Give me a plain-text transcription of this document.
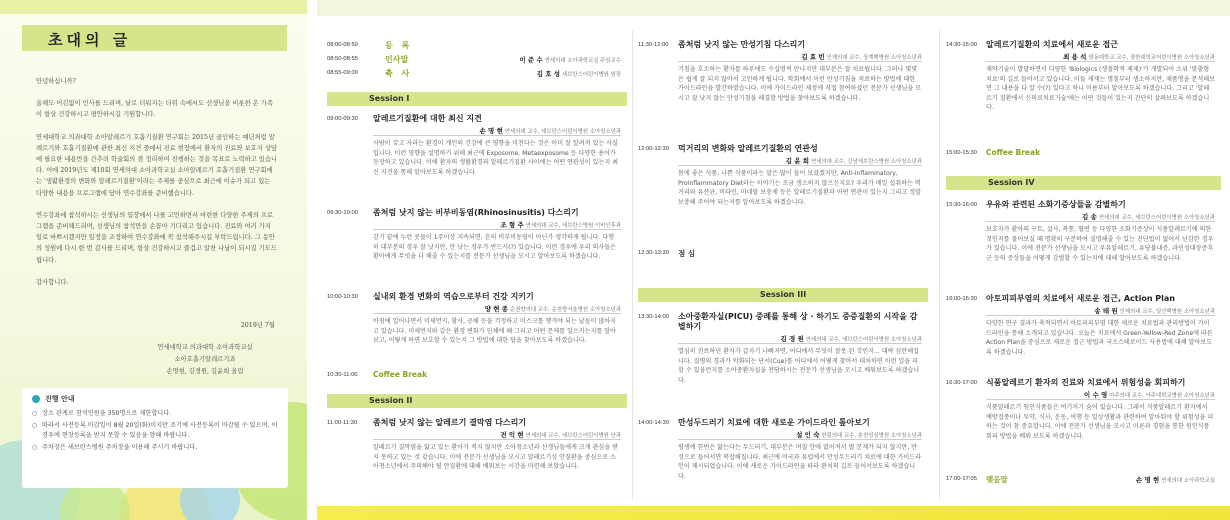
초대의 글

안녕하십니까?

올해도 어김없이 인사를 드리며, 날로 더워지는 더위 속에서도 선생님을 비롯한 온 가족이 항상 건강하시고 평안하시길 기원합니다.

연세대학교 의과대학 소아알레르기 호흡기질환 연구회는 2015년 골인하는 예년처럼 알레르기와 호흡기질환에 관한 최신 지견 중에서 진료 현장에서 환자의 진료와 보호자 상담에 필요한 내용만을 간추려 학술회의 겸 정리하여 진행하는 것을 목표로 노력하고 있습니다. 이에 2019년도 제10회 연세의대 소아과학교실 소아알레르기 호흡기질환 연구회에는 '생활환경의 변화와 알레르기질환'이라는 주제를 중심으로 최근에 이슈가 되고 있는 다양한 내용을 프로그램에 담아 연수강좌를 준비했습니다.

연수강좌에 참석하시는 선생님의 입장에서 나를 고민하면서 마련한 다양한 주제의 프로그램을 준비해드리며, 선생님의 참석만을 손꼽아 기다리고 있습니다. 진료와 여러 가지 일로 바쁘시겠지만 일정을 조정하여 연수강좌에 꼭 참석해주시길 부탁드립니다. 그 동안의 성원에 다시 한 번 감사를 드리며, 항상 건강하시고 즐겁고 알찬 나날이 되시길 기도드립니다.

감사합니다.

2019년 7월
연세대학교 의과대학 소아과학교실
소아호흡기알레르기과
손명현, 김경원, 김윤희 올림
진행 안내
○ 장소 관계로 참석인원을 350명으로 제한합니다.
○ 따라서 사전등록 마감일이 8월 20일(화)이지만 조기에 사전등록이 마감될 수 있으며, 이 경우에 현장등록을 받지 못할 수 있음을 양해 바랍니다.
○ 주차장은 세브란스병원 주차장을 이용해 주시기 바랍니다.
08:00-08:50	등 록
08:50-08:55	인사말	이 준 수 연세의대 소아과학교실 주임교수
08:55-09:00	축 사	김 호 성 세브란스어린이병원 원장
Session I
09:00-09:30 알레르기질환에 대한 최신 지견
손 명 현 연세의대 교수, 세브란스어린이병원 소아청소년과
사람이 갖고 자라는 환경이 개인의 건강에 큰 영향을 미친다는 것은 이미 잘 알려져 있는 사실입니다. 이런 영향을 설명하기 위해 최근에 Exposome, Metaexposome 등 다양한 용어가 등장하고 있습니다. 이에 환자의 생활환경과 알레르기질환 사이에는 어떤 연관성이 있는지 최신 지견을 통해 알아보도록 하겠습니다.
09:30-10:00 좀처럼 낫지 않는 비부비동염(Rhinosinusitis) 다스리기
조 형 주 연세의대 교수, 세브란스병원 이비인후과
감기 끝에 누런 콧물이 1주이상 지속되면, 흔히 비부비동염이 아닌가 생각하게 됩니다. 다행히 대부분의 경우 잘 낫지만, 안 낫는 경우가 반드시(?) 있습니다. 이런 경우에 우리 의사들은 환아에게 무엇을 더 해줄 수 있는지를 전문가 선생님을 모시고 알아보도록 하겠습니다.
10:00-10:30 실내외 환경 변화의 역습으로부터 건강 지키기
양 현 종 순천향의대 교수, 순천향서울병원 소아청소년과
아침에 일어나면서 미세먼지, 황사, 공해 등을 걱정하고 미스크를 챙겨야 되는 날들이 많아지고 있습니다. 미세먼지와 같은 환경 변화가 인체에 왜 그리고 어떤 문제를 일으키는지를 알아보고, 어떻게 하면 보호할 수 있는지 그 방법에 대한 답을 찾아보도록 하겠습니다.
10:30-11:00 Coffee Break
Session II
11:00-11:30 좀처럼 낫지 않는 알레르기 결막염 다스리기
전 익 현 연세의대 교수, 세브란스어린이병원 안과
알레르기 결막염을 앓고 있는 환아가 적지 않지만 소아청소년과 선생님들에게 크게 관심을 받지 못하고 있는 것 같습니다. 이에 전문가 선생님을 모시고 알레르기성 안질환을 중심으로 소아청소년에서 주의해야 될 안질환에 대해 배워보는 시간을 마련해 보았습니다.
11:30-12:00 좀처럼 낫지 않는 만성기침 다스리기
김 효 빈 인제의대 교수, 상계백병원 소아청소년과
기침을 호소하는 환자를 하루에도 수십명씩 만나지만 대부분은 잘 치료됩니다. 그러나 몇몇은 쉽게 잘 되지 않아서 고민하게 됩니다. 학회에서 이런 만성기침을 치료하는 방법에 대한 가이드라인을 발간하였습니다. 이에 가이드라인 제정에 직접 참여하셨던 전문가 선생님을 모시고 잘 낫지 않는 만성기침을 해결할 방법을 찾아보도록 하겠습니다.
12:00-12:30 먹거리의 변화와 알레르기질환의 연관성
김 윤 희 연세의대 교수, 강남세브란스병원 소아청소년과
몸에 좋은 식품, 나쁜 식품이라는 말은 많이 들어 보셨겠지만, Anti-inflammatory, Proinflammatory Diet라는 이야기는 조금 생소하지 않으신지요? 우리가 매일 섭취하는 먹거리와 유산균, 비타민, 미네랄 보충제 등은 알레르기질환과 어떤 연관이 있는지 그리고 정말 보충해 주어야 되는지를 알아보도록 하겠습니다.
12:30-13:30 점 심
Session III
13:30-14:00 소아중환자실(PICU) 중례를 통해 상 · 하기도 중증질환의 시작을 감별하기
김 경 원 연세의대 교수, 세브란스어린이병원 소아청소년과
열심히 진료하던 환자가 갑자기 나빠지면, 어디에서 무엇이 잘못 된 것인지... 대략 심란해집니다. 질병의 경과가 악화되는 단서(Cue)를 어디에서 어떻게 찾아서 대처하면 이런 일을 피할 수 있을런지를 소아중환자실을 전담하시는 전문가 선생님을 모시고 배워보도록 하겠습니다.
14:00-14:30 만성두드러기 치료에 대한 새로운 가이드라인 톺아보기
설 인 숙 한림의대 교수, 춘천성심병원 소아청소년과
평생에 한번은 앓는다는 두드러기, 대부분은 며칠 안에 없어져서 별 문제가 되지 않지만, 만성으로 들어서면 복잡해집니다. 최근에 미국과 유럽에서 만성두드러기 치료에 대한 가이드라인이 제시되었습니다. 이에 새로운 가이드라인을 따라 완치의 길로 들어서보도록 하겠습니다.
14:30-15:00 알레르기질환의 치료에서 새로운 접근
최 용 석 영동대학교 교수, 장한대학교어린이병원 소아청소년과
제약기술이 발달하면서 다양한 'Biologics (생물학적 제제)'가 개발되어 소위 '맞춤형 치료'의 길로 들어서고 있습니다. 이들 제제는 명칭부터 생소하지만, 제품명을 분석해보면 그 내용을 다 알 수(?) 있다고 하니 이름부터 알아보도록 하겠습니다. 그리고 '알레르기 질환에서 신의료치료기술'에는 어떤 것들이 있는지 간단히 살펴보도록 하겠습니다.
15:00-15:30 Coffee Break
Session IV
15:30-16:00 우유와 관련된 소화기증상들을 감별하기
김 송 연세의대 교수, 세브란스어린이병원 소아청소년과
보호자가 환아의 구토, 설사, 복통, 혈변 등 다양한 소화기증상이 식품알레르기에 의한 것인지를 물어보실 때 명확히 구분하여 설명해줄 수 있는 진단법이 없어서 난감한 경우가 있습니다. 이에 전문가 선생님을 모시고 우유알레르기, 유당불내증, 과민성대장증후군 등의 증상들을 어떻게 감별할 수 있는지에 대해 알아보도록 하겠습니다.
16:00-16:30 아토피피부염의 치료에서 새로운 접근, Action Plan
송 태 원 인제의대 교수, 일산백병원 소아청소년과
다양한 연구 결과가 축적되면서 아토피피부염 대한 새로운 치료법과 관리방법이 가이드라인을 통해 소개되고 있습니다. 오늘은 치료에서 Green-Yellow-Red Zone에 따른 Action Plan을 중심으로 새로운 접근 방법과 국소스테로이드 사용법에 대해 알아보도록 하겠습니다.
16:30-17:00 식품알레르기 환자의 진료와 치료에서 위험성을 회피하기
이 수 영 아주의대 교수, 아주대학교병원 소아청소년과
식품알레르기 원인식품들은 여기저기 숨어 있습니다. 그래서 식품알레르기 환자에서 예방접종이나 투약, 식사, 운동, 여행 등 일상생활과 관련하여 알아둬야 할 위험성을 피하는 것이 참 중요합니다. 이에 전문가 선생님을 모시고 이론과 경험을 통한 원인식품 회피 방법을 배워 보도록 하겠습니다.
17:00-17:05 맺음말	손 명 현 연세의대 소아과학교실
